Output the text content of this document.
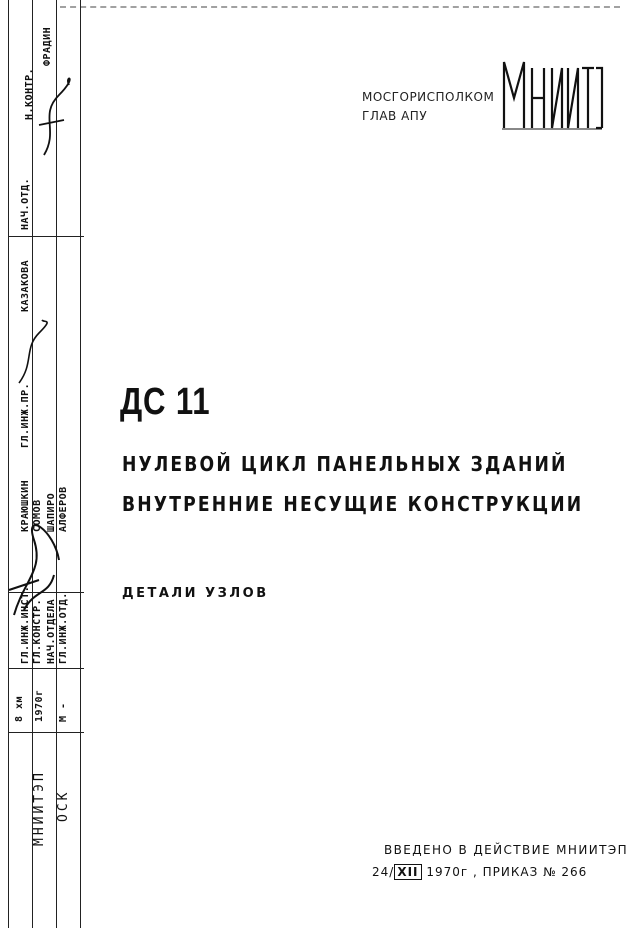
МНИИТЭП ОСК
8 хм 1970г М -
ГЛ.ИНЖ.ОТД.
НАЧ.ОТДЕЛА
ГЛ.КОНСТР.
ГЛ.ИНЖ.ИНСТ.
АЛФЕРОВ
ШАПИРО
СОМОВ
КРАЮШКИН
ГЛ.ИНЖ.ПР.
КАЗАКОВА
НАЧ.ОТД.
Н.КОНТР.
ФРАДИН
МОСГОРИСПОЛКОМ
ГЛАВ АПУ
МНИИТЭП
ДС 11
НУЛЕВОЙ ЦИКЛ ПАНЕЛЬНЫХ ЗДАНИЙ
ВНУТРЕННИЕ НЕСУЩИЕ КОНСТРУКЦИИ
ДЕТАЛИ УЗЛОВ
ВВЕДЕНО В ДЕЙСТВИЕ МНИИТЭП
24/ XII 1970г , ПРИКАЗ № 266
